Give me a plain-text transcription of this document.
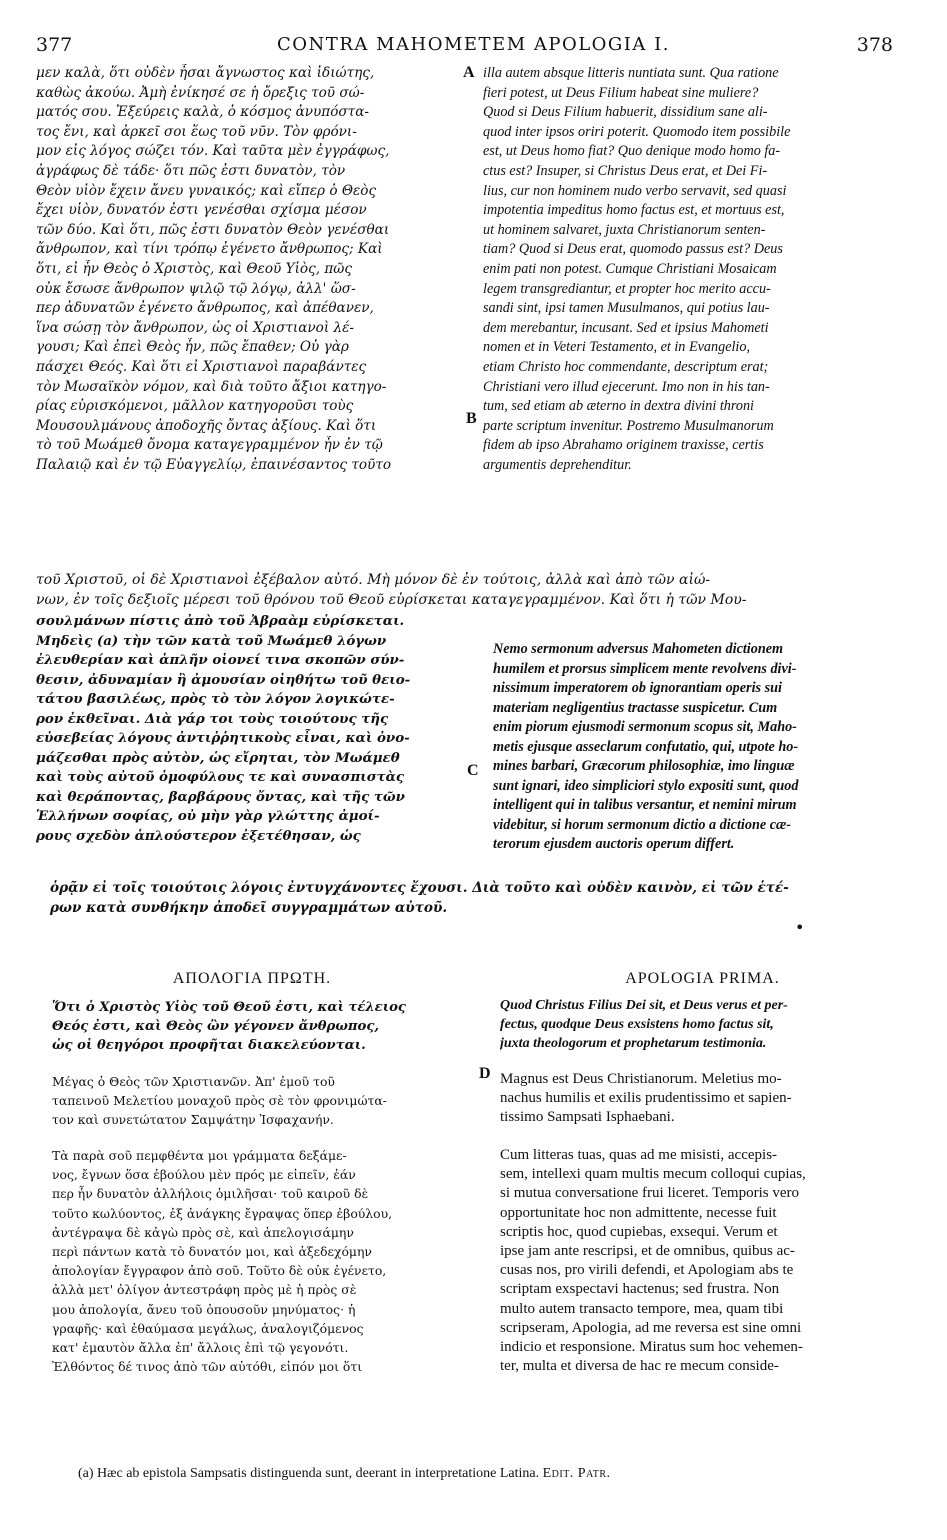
377	CONTRA MAHOMETEM APOLOGIA I.	378
A
B
C
D
μεν καλὰ, ὅτι οὐδὲν ἦσαι ἄγνωστος καὶ ἰδιώτης,
καθὼς ἀκούω. Ἀμὴ ἐνίκησέ σε ἡ ὄρεξις τοῦ σώ-
ματός σου. Ἐξεύρεις καλὰ, ὁ κόσμος ἀνυπόστα-
τος ἔνι, καὶ ἀρκεῖ σοι ἕως τοῦ νῦν. Τὸν φρόνι-
μον εἰς λόγος σώζει τόν. Καὶ ταῦτα μὲν ἐγγράφως,
ἀγράφως δὲ τάδε· ὅτι πῶς ἐστι δυνατὸν, τὸν
Θεὸν υἱὸν ἔχειν ἄνευ γυναικός; καὶ εἴπερ ὁ Θεὸς
ἔχει υἱὸν, δυνατόν ἐστι γενέσθαι σχίσμα μέσον
τῶν δύο. Καὶ ὅτι, πῶς ἐστι δυνατὸν Θεὸν γενέσθαι
ἄνθρωπον, καὶ τίνι τρόπῳ ἐγένετο ἄνθρωπος; Καὶ
ὅτι, εἰ ἦν Θεὸς ὁ Χριστὸς, καὶ Θεοῦ Υἱὸς, πῶς
οὐκ ἔσωσε ἄνθρωπον ψιλῷ τῷ λόγῳ, ἀλλ' ὥσ-
περ ἀδυνατῶν ἐγένετο ἄνθρωπος, καὶ ἀπέθανεν,
ἵνα σώσῃ τὸν ἄνθρωπον, ὡς οἱ Χριστιανοὶ λέ-
γουσι; Καὶ ἐπεὶ Θεὸς ἦν, πῶς ἔπαθεν; Οὐ γὰρ
πάσχει Θεός. Καὶ ὅτι εἰ Χριστιανοὶ παραβάντες
τὸν Μωσαϊκὸν νόμον, καὶ διὰ τοῦτο ἄξιοι κατηγο-
ρίας εὑρισκόμενοι, μᾶλλον κατηγοροῦσι τοὺς
Μουσουλμάνους ἀποδοχῆς ὄντας ἀξίους. Καὶ ὅτι
τὸ τοῦ Μωάμεθ ὄνομα καταγεγραμμένον ἦν ἐν τῷ
Παλαιῷ καὶ ἐν τῷ Εὐαγγελίῳ, ἐπαινέσαντος τοῦτο
illa autem absque litteris nuntiata sunt. Qua ratione
fieri potest, ut Deus Filium habeat sine muliere?
Quod si Deus Filium habuerit, dissidium sane ali-
quod inter ipsos oriri poterit. Quomodo item possibile
est, ut Deus homo fiat? Quo denique modo homo fa-
ctus est? Insuper, si Christus Deus erat, et Dei Fi-
lius, cur non hominem nudo verbo servavit, sed quasi
impotentia impeditus homo factus est, et mortuus est,
ut hominem salvaret, juxta Christianorum senten-
tiam? Quod si Deus erat, quomodo passus est? Deus
enim pati non potest. Cumque Christiani Mosaicam
legem transgrediantur, et propter hoc merito accu-
sandi sint, ipsi tamen Musulmanos, qui potius lau-
dem merebantur, incusant. Sed et ipsius Mahometi
nomen et in Veteri Testamento, et in Evangelio,
etiam Christo hoc commendante, descriptum erat;
Christiani vero illud ejecerunt. Imo non in his tan-
tum, sed etiam ab æterno in dextra divini throni
parte scriptum invenitur. Postremo Musulmanorum
fidem ab ipso Abrahamo originem traxisse, certis
argumentis deprehenditur.
τοῦ Χριστοῦ, οἱ δὲ Χριστιανοὶ ἐξέβαλον αὐτό. Μὴ μόνον δὲ ἐν τούτοις, ἀλλὰ καὶ ἀπὸ τῶν αἰώ-
νων, ἐν τοῖς δεξιοῖς μέρεσι τοῦ θρόνου τοῦ Θεοῦ εὑρίσκεται καταγεγραμμένον. Καὶ ὅτι ἡ τῶν Μου-
σουλμάνων πίστις ἀπὸ τοῦ Ἀβραὰμ εὑρίσκεται.
Μηδεὶς (a) τὴν τῶν κατὰ τοῦ Μωάμεθ λόγων
ἐλευθερίαν καὶ ἁπλῆν οἱονεί τινα σκοπῶν σύν-
θεσιν, ἀδυναμίαν ἢ ἀμουσίαν οἰηθήτω τοῦ θειο-
τάτου βασιλέως, πρὸς τὸ τὸν λόγον λογικώτε-
ρον ἐκθεῖναι. Διὰ γάρ τοι τοὺς τοιούτους τῆς
εὐσεβείας λόγους ἀντιῤῥητικοὺς εἶναι, καὶ ὀνο-
μάζεσθαι πρὸς αὐτὸν, ὡς εἴρηται, τὸν Μωάμεθ
καὶ τοὺς αὐτοῦ ὁμοφύλους τε καὶ συνασπιστὰς
καὶ θεράποντας, βαρβάρους ὄντας, καὶ τῆς τῶν
Ἑλλήνων σοφίας, οὐ μὴν γὰρ γλώττης ἀμοί-
ρους σχεδὸν ἁπλούστερον ἐξετέθησαν, ὡς
Nemo sermonum adversus Mahometen dictionem
humilem et prorsus simplicem mente revolvens divi-
nissimum imperatorem ob ignorantiam operis sui
materiam negligentius tractasse suspicetur. Cum
enim piorum ejusmodi sermonum scopus sit, Maho-
metis ejusque asseclarum confutatio, qui, utpote ho-
mines barbari, Græcorum philosophiæ, imo linguæ
sunt ignari, ideo simpliciori stylo expositi sunt, quod
intelligent qui in talibus versantur, et nemini mirum
videbitur, si horum sermonum dictio a dictione cæ-
terorum ejusdem auctoris operum differt.
ὁρᾷν εἰ τοῖς τοιούτοις λόγοις ἐντυγχάνοντες ἔχουσι. Διὰ τοῦτο καὶ οὐδὲν καινὸν, εἰ τῶν ἑτέ-
ρων κατὰ συνθήκην ἀποδεῖ συγγραμμάτων αὐτοῦ.
•
ΑΠΟΛΟΓΙΑ ΠΡΩΤΗ.
Ὅτι ὁ Χριστὸς Υἱὸς τοῦ Θεοῦ ἐστι, καὶ τέλειος
Θεός ἐστι, καὶ Θεὸς ὢν γέγονεν ἄνθρωπος,
ὡς οἱ θεηγόροι προφῆται διακελεύονται.
Μέγας ὁ Θεὸς τῶν Χριστιανῶν. Ἀπ' ἐμοῦ τοῦ
ταπεινοῦ Μελετίου μοναχοῦ πρὸς σὲ τὸν φρονιμώτα-
τον καὶ συνετώτατον Σαμψάτην Ἰσφαχανήν.
Τὰ παρὰ σοῦ πεμφθέντα μοι γράμματα δεξάμε-
νος, ἔγνων ὅσα ἐβούλου μὲν πρός με εἰπεῖν, ἐάν
περ ἦν δυνατὸν ἀλλήλοις ὁμιλῆσαι· τοῦ καιροῦ δὲ
τοῦτο κωλύοντος, ἐξ ἀνάγκης ἔγραψας ὅπερ ἐβούλου,
ἀντέγραψα δὲ κἀγὼ πρὸς σὲ, καὶ ἀπελογισάμην
περὶ πάντων κατὰ τὸ δυνατόν μοι, καὶ ἀξεδεχόμην
ἀπολογίαν ἔγγραφον ἀπὸ σοῦ. Τοῦτο δὲ οὐκ ἐγένετο,
ἀλλὰ μετ' ὀλίγον ἀντεστράφη πρὸς μὲ ἡ πρὸς σὲ
μου ἀπολογία, ἄνευ τοῦ ὁπουσοῦν μηνύματος· ἡ
γραφῆς· καὶ ἐθαύμασα μεγάλως, ἀναλογιζόμενος
κατ' ἐμαυτὸν ἄλλα ἐπ' ἄλλοις ἐπὶ τῷ γεγονότι.
Ἐλθόντος δέ τινος ἀπὸ τῶν αὐτόθι, εἰπόν μοι ὅτι
APOLOGIA PRIMA.
Quod Christus Filius Dei sit, et Deus verus et per-
fectus, quodque Deus exsistens homo factus sit,
juxta theologorum et prophetarum testimonia.
Magnus est Deus Christianorum. Meletius mo-
nachus humilis et exilis prudentissimo et sapien-
tissimo Sampsati Isphaebani.
Cum litteras tuas, quas ad me misisti, accepis-
sem, intellexi quam multis mecum colloqui cupias,
si mutua conversatione frui liceret. Temporis vero
opportunitate hoc non admittente, necesse fuit
scriptis hoc, quod cupiebas, exsequi. Verum et
ipse jam ante rescripsi, et de omnibus, quibus ac-
cusas nos, pro virili defendi, et Apologiam abs te
scriptam exspectavi hactenus; sed frustra. Non
multo autem transacto tempore, mea, quam tibi
scripseram, Apologia, ad me reversa est sine omni
indicio et responsione. Miratus sum hoc vehemen-
ter, multa et diversa de hac re mecum conside-
(a) Hæc ab epistola Sampsatis distinguenda sunt, deerant in interpretatione Latina. Edit. Patr.
